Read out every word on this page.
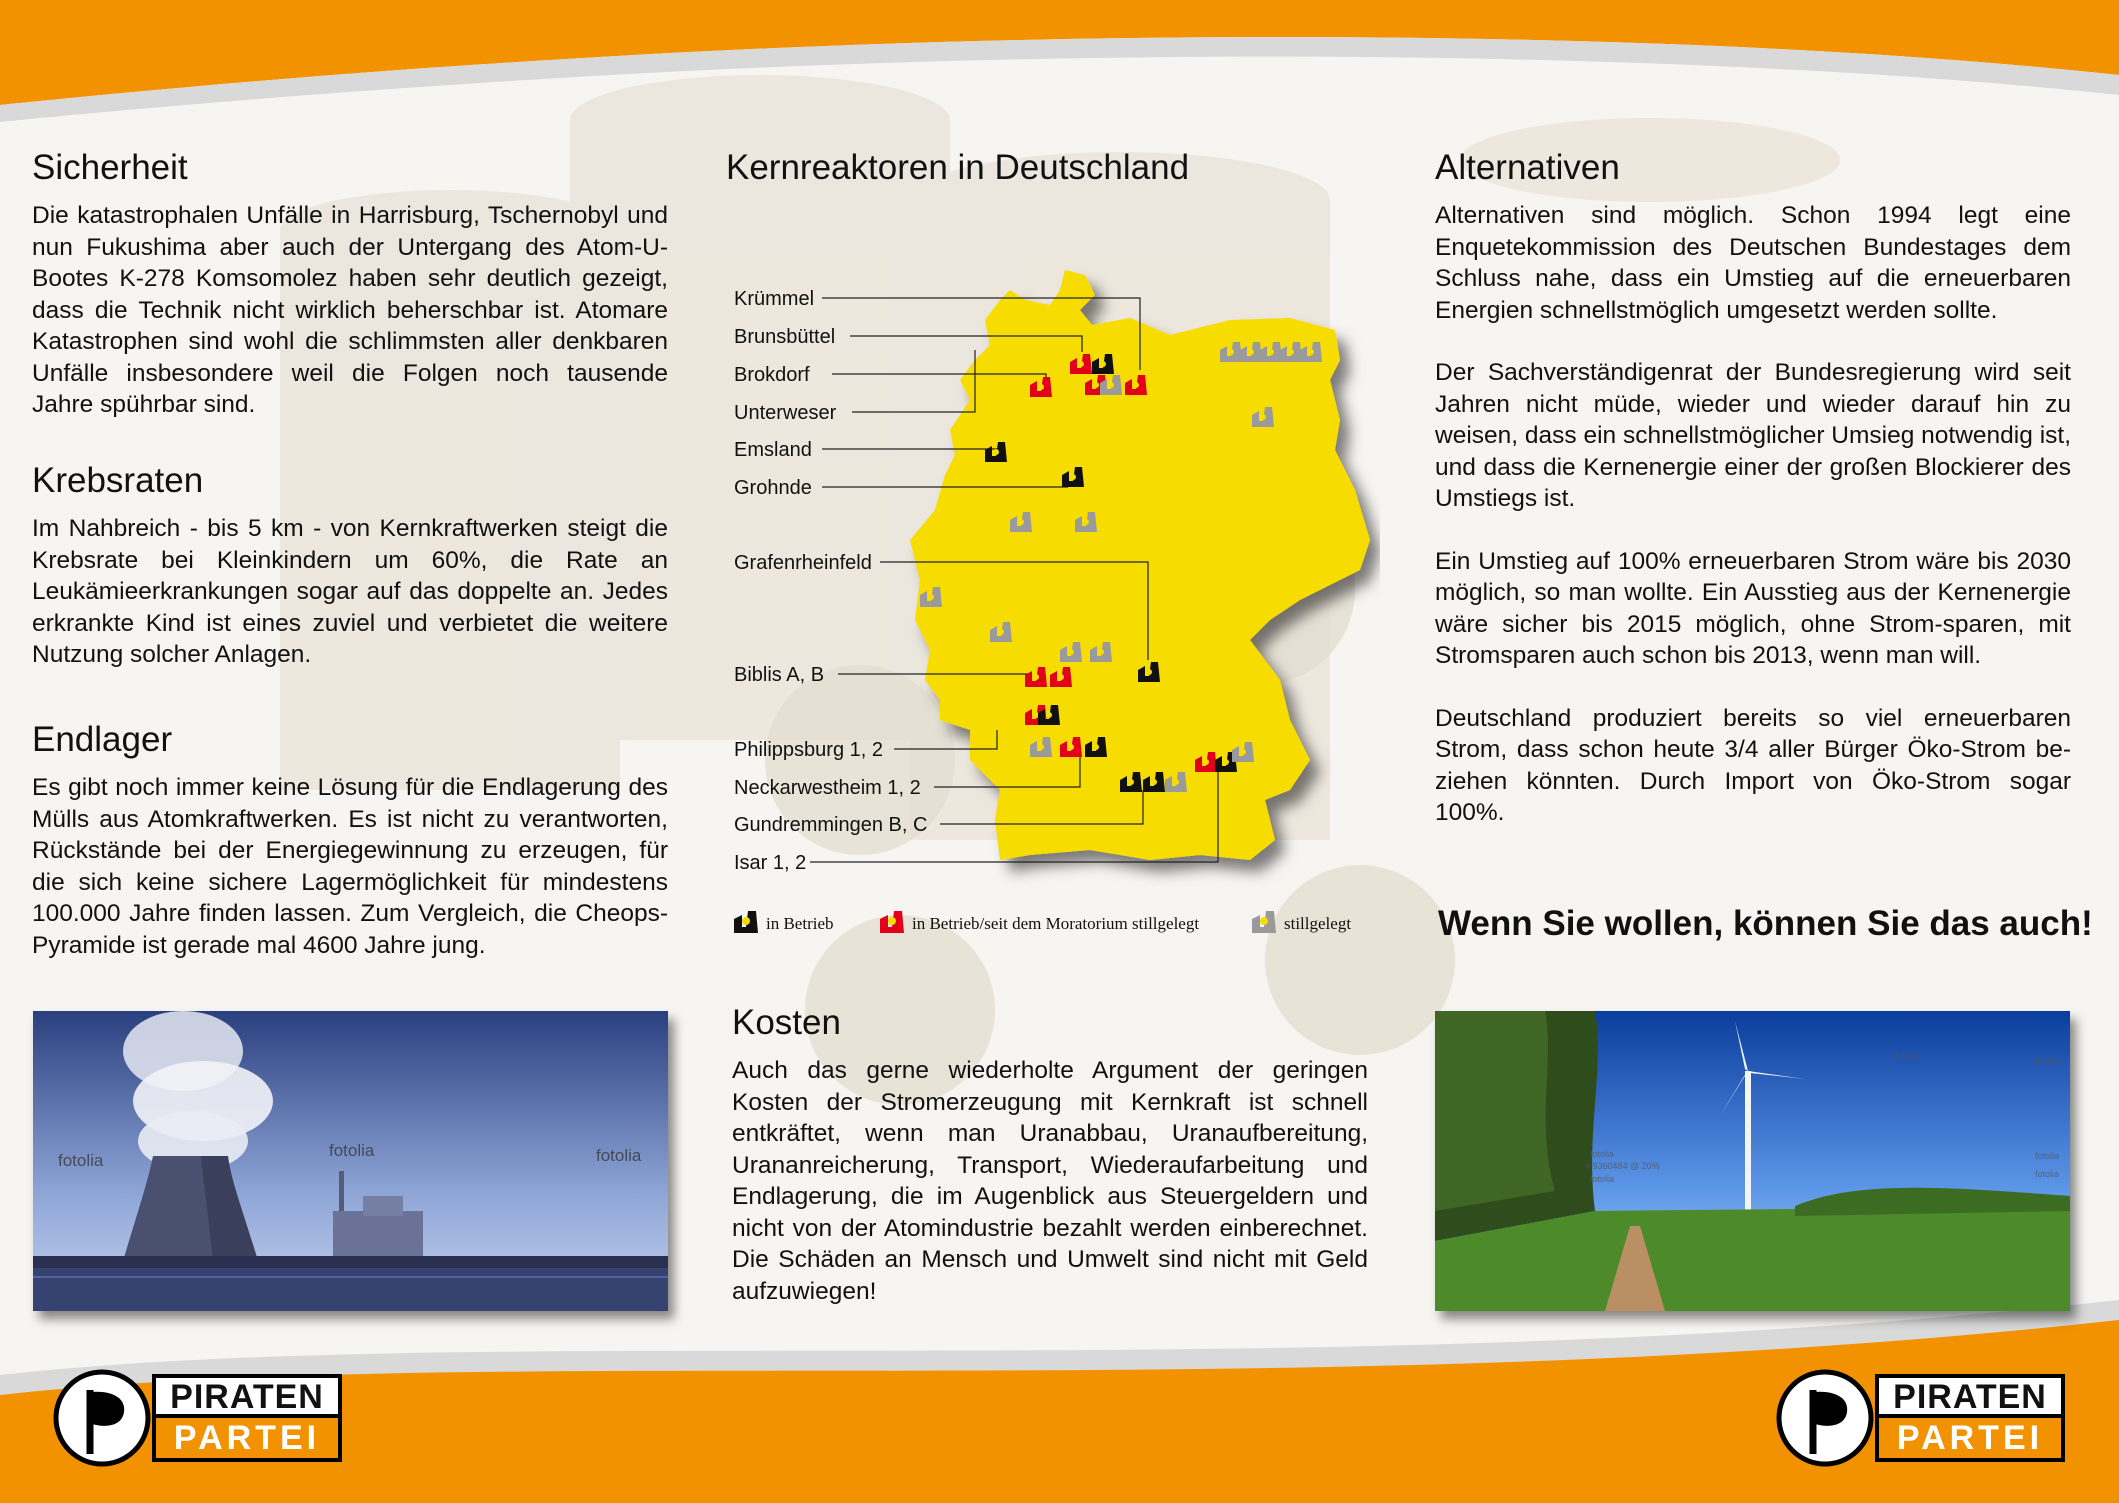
Sicherheit

Die katastrophalen Unfälle in Harrisburg, Tschernobyl und nun Fukushima aber auch der Untergang des Atom-U-Bootes K-278 Komsomolez haben sehr deutlich gezeigt, dass die Technik nicht wirklich beherschbar ist. Atomare Katastrophen sind wohl die schlimmsten aller denkbaren Unfälle insbesondere weil die Folgen noch tausende Jahre spührbar sind.

Krebsraten

Im Nahbreich - bis 5 km - von Kernkraftwerken steigt die Krebsrate bei Kleinkindern um 60%, die Rate an Leukämieerkrankungen sogar auf das doppelte an. Jedes erkrankte Kind ist eines zuviel und verbietet die weitere Nutzung solcher Anlagen.

Endlager

Es gibt noch immer keine Lösung für die Endlagerung des Mülls aus Atomkraftwerken. Es ist nicht zu verantworten, Rückstände bei der Energiegewinnung zu erzeugen, für die sich keine sichere Lagermöglichkeit für mindestens 100.000 Jahre finden lassen. Zum Vergleich, die Cheops-Pyramide ist gerade mal 4600 Jahre jung.

fotolia
fotolia	fotolia
Kernreaktoren in Deutschland
Krümmel
Brunsbüttel
Brokdorf
Unterweser
Emsland
Grohnde
Grafenrheinfeld
Biblis A, B
Philippsburg 1, 2
Neckarwestheim 1, 2
Gundremmingen B, C
Isar 1, 2
in Betrieb	in Betrieb/seit dem Moratorium stillgelegt	stillgelegt
Kosten

Auch das gerne wiederholte Argument der geringen Kosten der Stromerzeugung mit Kernkraft ist schnell entkräftet, wenn man Uranabbau, Uranaufbereitung, Urananreicherung, Transport, Wiederaufarbeitung und Endlagerung, die im Augenblick aus Steuergeldern und nicht von der Atomindustrie bezahlt werden einberechnet. Die Schäden an Mensch und Umwelt sind nicht mit Geld aufzuwiegen!

Alternativen

Alternativen sind möglich. Schon 1994 legt eine Enquetekommission des Deutschen Bundestages dem Schluss nahe, dass ein Umstieg auf die erneuerbaren Energien schnellstmöglich umgesetzt werden sollte.

Der Sachverständigenrat der Bundesregierung wird seit Jahren nicht müde, wieder und wieder darauf hin zu weisen, dass ein schnellstmöglicher Umsieg notwendig ist, und dass die Kernenergie einer der großen Blockierer des Umstiegs ist.

Ein Umstieg auf 100% erneuerbaren Strom wäre bis 2030 möglich, so man wollte. Ein Ausstieg aus der Kernenergie wäre sicher bis 2015 möglich, ohne Strom-sparen, mit Stromsparen auch schon bis 2013, wenn man will.

Deutschland produziert bereits so viel erneuerbaren Strom, dass schon heute 3/4 aller Bürger Öko-Strom be-ziehen könnten. Durch Import von Öko-Strom sogar 100%.

Wenn Sie wollen, können Sie das auch!
fotolia	fotolia
fotolia
# 9360484 @ 20%
fotolia
fotolia
fotolia
PIRATEN
PARTEI
PIRATEN
PARTEI
